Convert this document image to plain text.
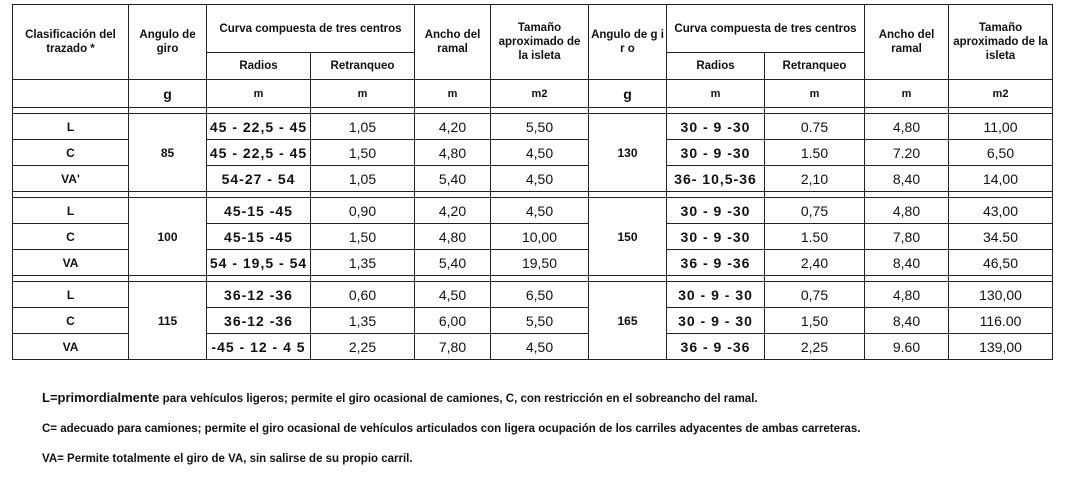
Clasificación del trazado *	Angulo de giro	Curva compuesta de tres centros		Ancho del ramal	Tamaño aproximado de la isleta	Angulo de g i r o	Curva compuesta de tres centros		Ancho del ramal	Tamaño aproximado de la isleta
		Radios	Retranqueo				Radios	Retranqueo		
	g	m	m	m	m2	g	m	m	m	m2

L	85	45 - 22,5 - 45	1,05	4,20	5,50	130	30 - 9 -30	0.75	4,80	11,00
C		45 - 22,5 - 45	1,50	4,80	4,50		30 - 9 -30	1.50	7.20	6,50
VA'		54-27 - 54	1,05	5,40	4,50		36- 10,5-36	2,10	8,40	14,00

L	100	45-15 -45	0,90	4,20	4,50	150	30 - 9 -30	0,75	4,80	43,00
C		45-15 -45	1,50	4,80	10,00		30 - 9 -30	1.50	7,80	34.50
VA		54 - 19,5 - 54	1,35	5,40	19,50		36 - 9 -36	2,40	8,40	46,50

L	115	36-12 -36	0,60	4,50	6,50	165	30 - 9 - 30	0,75	4,80	130,00
C		36-12 -36	1,35	6,00	5,50		30 - 9 - 30	1,50	8,40	116.00
VA		-45 - 12 - 4 5	2,25	7,80	4,50		36 - 9 -36	2,25	9.60	139,00
L=primordialmente para vehículos ligeros; permite el giro ocasional de camiones, C, con restricción en el sobreancho del ramal.
C= adecuado para camiones; permite el giro ocasional de vehículos articulados con ligera ocupación de los carriles adyacentes de ambas carreteras.
VA= Permite totalmente el giro de VA, sin salirse de su propio carril.
